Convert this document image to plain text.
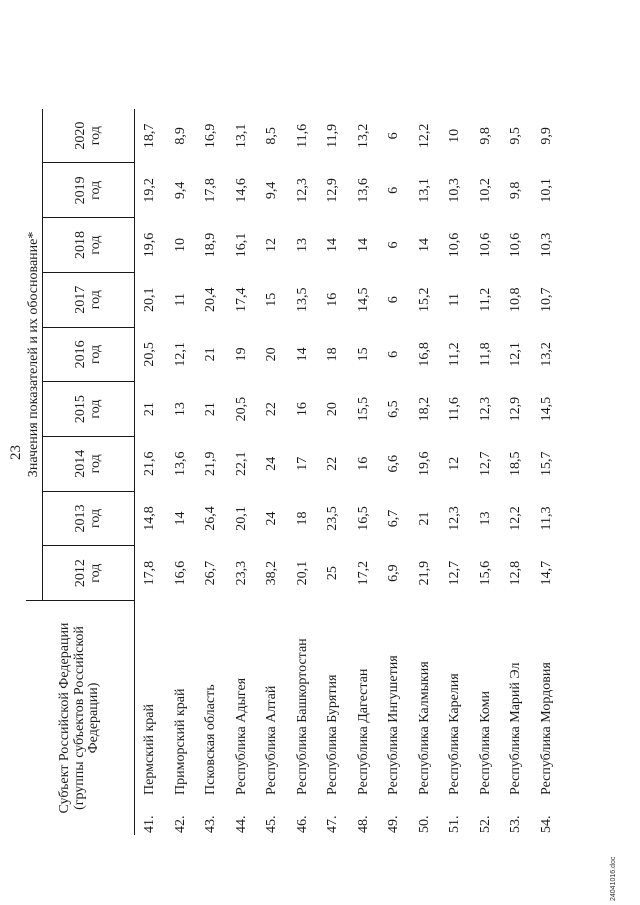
23
Субъект Российской Федерации (группы субъектов Российской Федерации)		Значения показателей и их обоснование*								

		2012 год	2013 год	2014 год	2015 год	2016 год	2017 год	2018 год	2019 год	2020 год

41.	Пермский край	17,8	14,8	21,6	21	20,5	20,1	19,6	19,2	18,7
42.	Приморский край	16,6	14	13,6	13	12,1	11	10	9,4	8,9
43.	Псковская область	26,7	26,4	21,9	21	21	20,4	18,9	17,8	16,9
44.	Республика Адыгея	23,3	20,1	22,1	20,5	19	17,4	16,1	14,6	13,1
45.	Республика Алтай	38,2	24	24	22	20	15	12	9,4	8,5
46.	Республика Башкортостан	20,1	18	17	16	14	13,5	13	12,3	11,6
47.	Республика Бурятия	25	23,5	22	20	18	16	14	12,9	11,9
48.	Республика Дагестан	17,2	16,5	16	15,5	15	14,5	14	13,6	13,2
49.	Республика Ингушетия	6,9	6,7	6,6	6,5	6	6	6	6	6
50.	Республика Калмыкия	21,9	21	19,6	18,2	16,8	15,2	14	13,1	12,2
51.	Республика Карелия	12,7	12,3	12	11,6	11,2	11	10,6	10,3	10
52.	Республика Коми	15,6	13	12,7	12,3	11,8	11,2	10,6	10,2	9,8
53.	Республика Марий Эл	12,8	12,2	18,5	12,9	12,1	10,8	10,6	9,8	9,5
54.	Республика Мордовия	14,7	11,3	15,7	14,5	13,2	10,7	10,3	10,1	9,9
24041016.doc
